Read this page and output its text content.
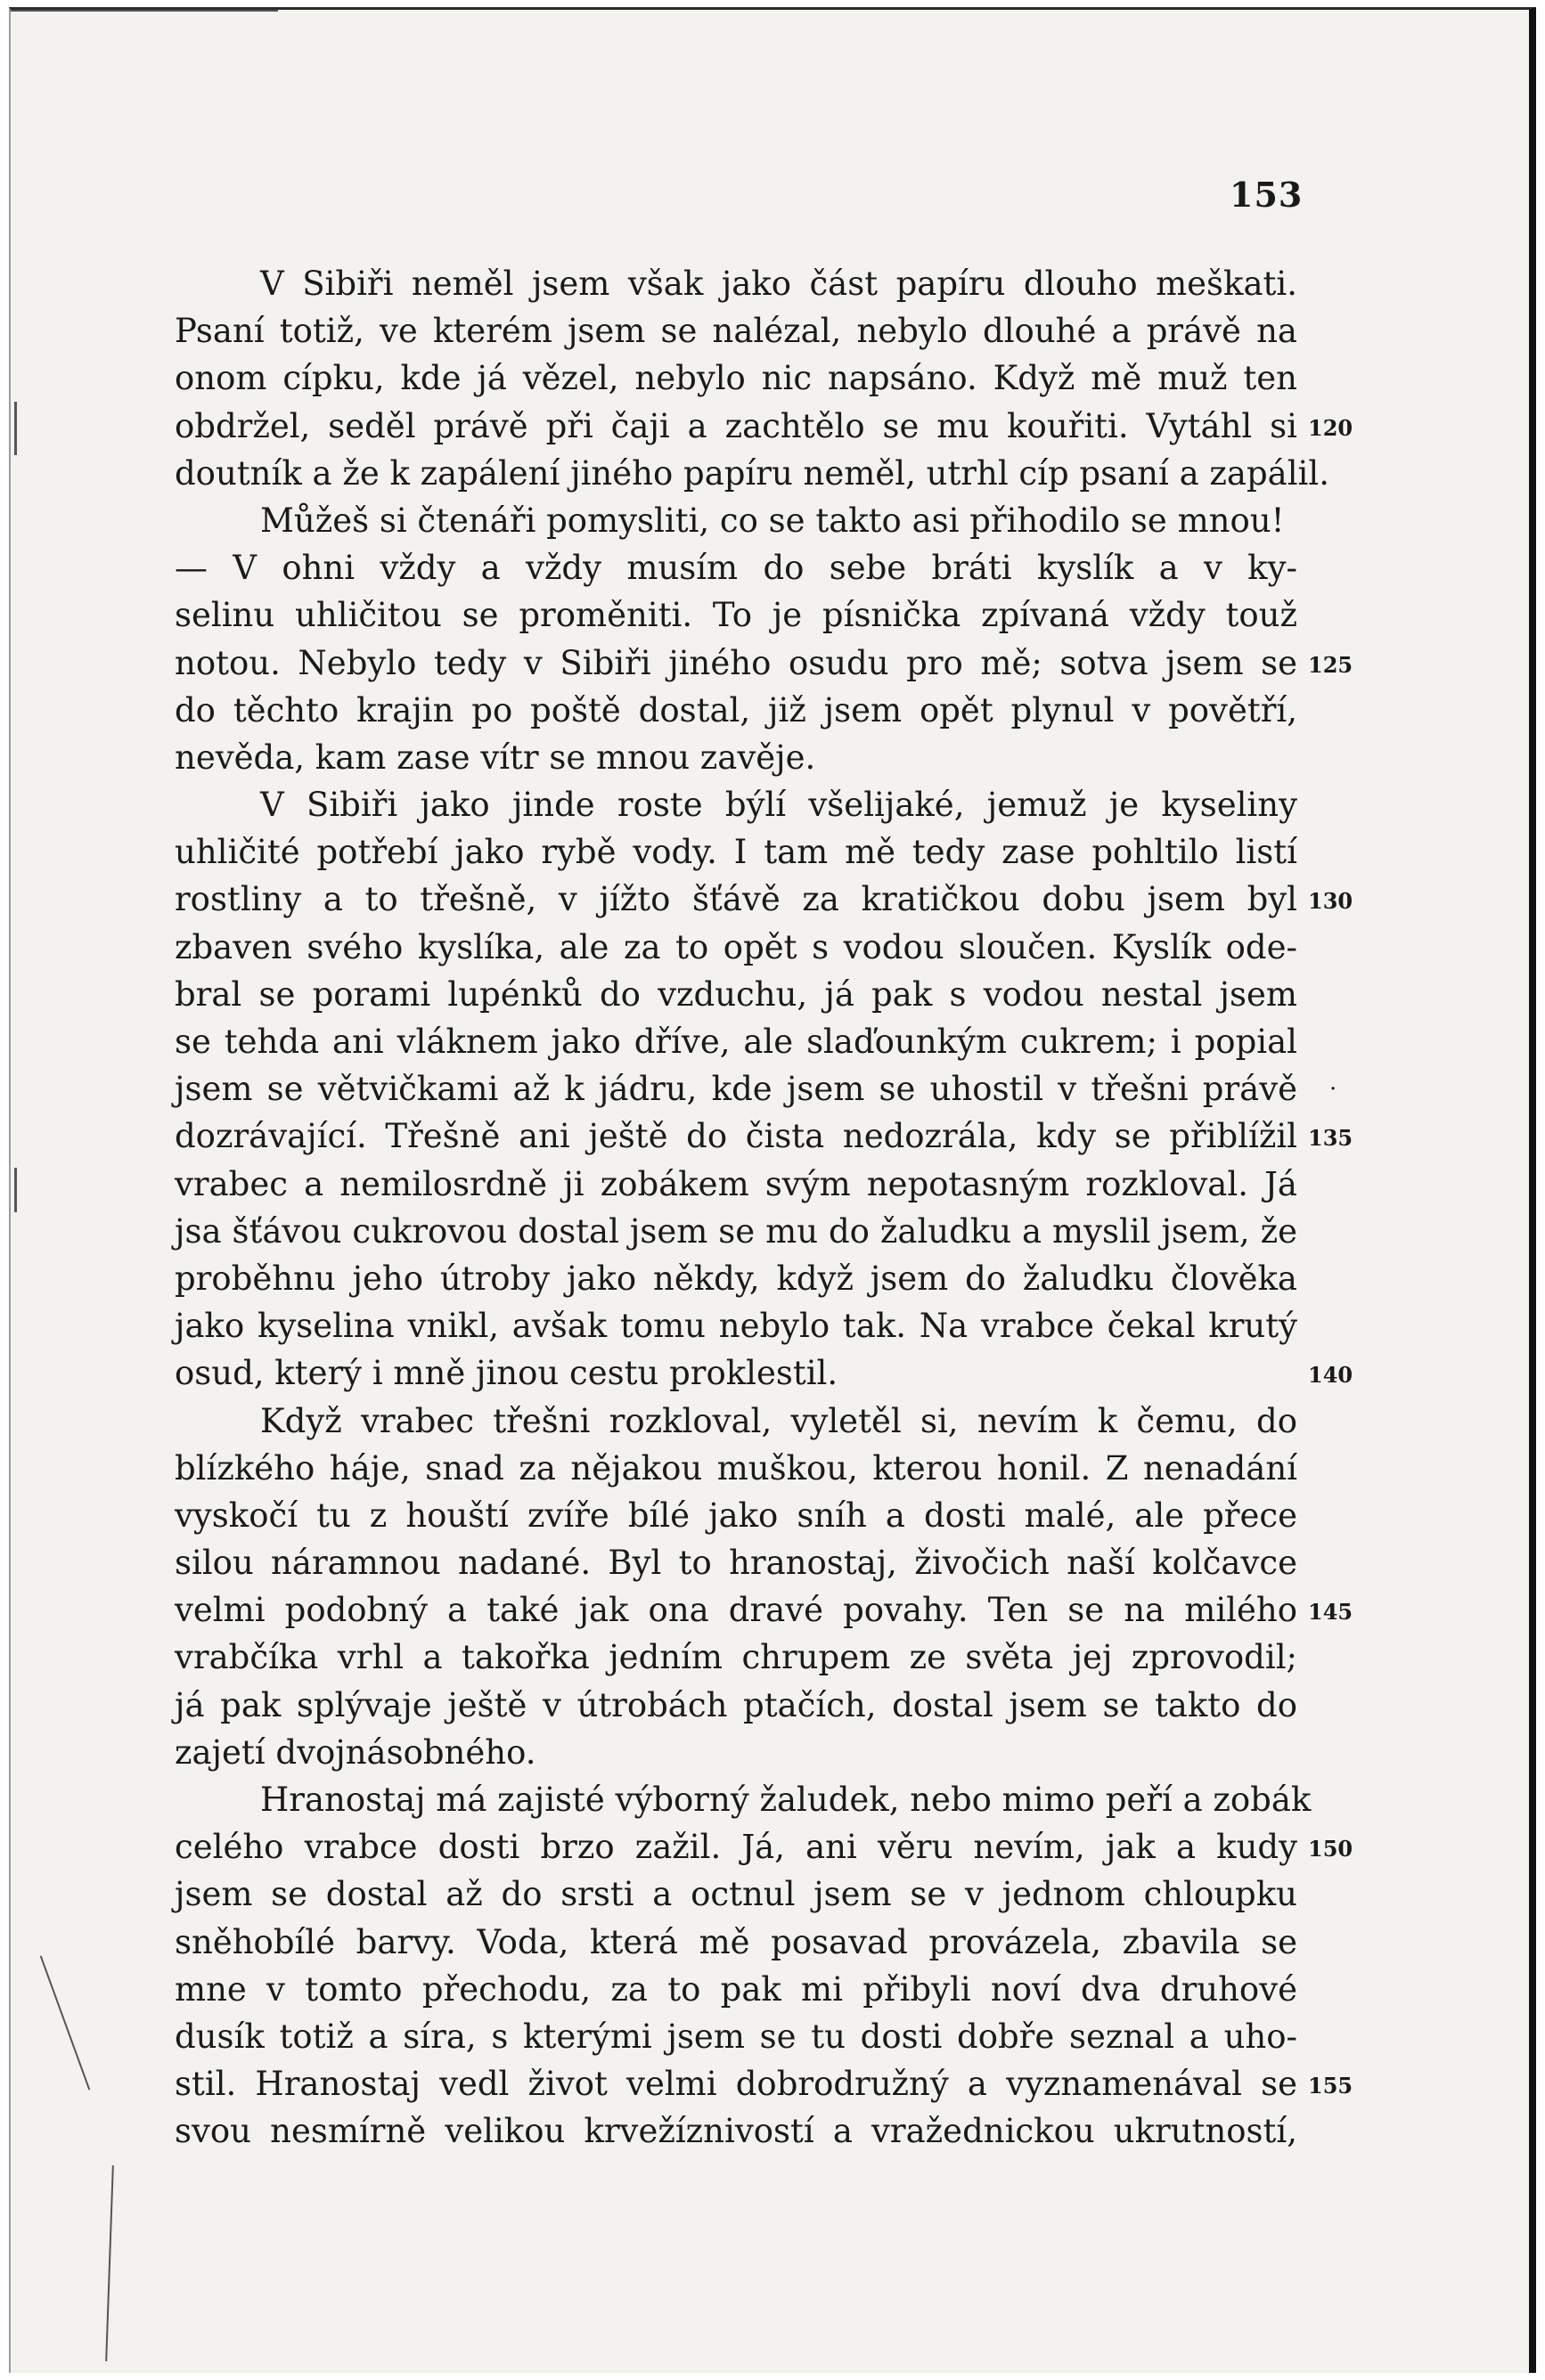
153
·
V Sibiři neměl jsem však jako část papíru dlouho meškati.
Psaní totiž, ve kterém jsem se nalézal, nebylo dlouhé a právě na
onom cípku, kde já vězel, nebylo nic napsáno. Když mě muž ten
obdržel, seděl právě při čaji a zachtělo se mu kouřiti. Vytáhl si 120
doutník a že k zapálení jiného papíru neměl, utrhl cíp psaní a zapálil.
Můžeš si čtenáři pomysliti, co se takto asi přihodilo se mnou!
— V ohni vždy a vždy musím do sebe bráti kyslík a v ky-
selinu uhličitou se proměniti. To je písnička zpívaná vždy touž
notou. Nebylo tedy v Sibiři jiného osudu pro mě; sotva jsem se 125
do těchto krajin po poště dostal, již jsem opět plynul v povětří,
nevěda, kam zase vítr se mnou zavěje.
V Sibiři jako jinde roste býlí všelijaké, jemuž je kyseliny
uhličité potřebí jako rybě vody. I tam mě tedy zase pohltilo listí
rostliny a to třešně, v jížto šťávě za kratičkou dobu jsem byl 130
zbaven svého kyslíka, ale za to opět s vodou sloučen. Kyslík ode-
bral se porami lupénků do vzduchu, já pak s vodou nestal jsem
se tehda ani vláknem jako dříve, ale slaďounkým cukrem; i popial
jsem se větvičkami až k jádru, kde jsem se uhostil v třešni právě
dozrávající. Třešně ani ještě do čista nedozrála, kdy se přiblížil 135
vrabec a nemilosrdně ji zobákem svým nepotasným rozkloval. Já
jsa šťávou cukrovou dostal jsem se mu do žaludku a myslil jsem, že
proběhnu jeho útroby jako někdy, když jsem do žaludku člověka
jako kyselina vnikl, avšak tomu nebylo tak. Na vrabce čekal krutý
osud, který i mně jinou cestu proklestil.	140
Když vrabec třešni rozkloval, vyletěl si, nevím k čemu, do
blízkého háje, snad za nějakou muškou, kterou honil. Z nenadání
vyskočí tu z houští zvíře bílé jako sníh a dosti malé, ale přece
silou náramnou nadané. Byl to hranostaj, živočich naší kolčavce
velmi podobný a také jak ona dravé povahy. Ten se na milého 145
vrabčíka vrhl a takořka jedním chrupem ze světa jej zprovodil;
já pak splývaje ještě v útrobách ptačích, dostal jsem se takto do
zajetí dvojnásobného.
Hranostaj má zajisté výborný žaludek, nebo mimo peří a zobák
celého vrabce dosti brzo zažil. Já, ani věru nevím, jak a kudy 150
jsem se dostal až do srsti a octnul jsem se v jednom chloupku
sněhobílé barvy. Voda, která mě posavad provázela, zbavila se
mne v tomto přechodu, za to pak mi přibyli noví dva druhové
dusík totiž a síra, s kterými jsem se tu dosti dobře seznal a uho-
stil. Hranostaj vedl život velmi dobrodružný a vyznamenával se 155
svou nesmírně velikou krvežíznivostí a vražednickou ukrutností,
